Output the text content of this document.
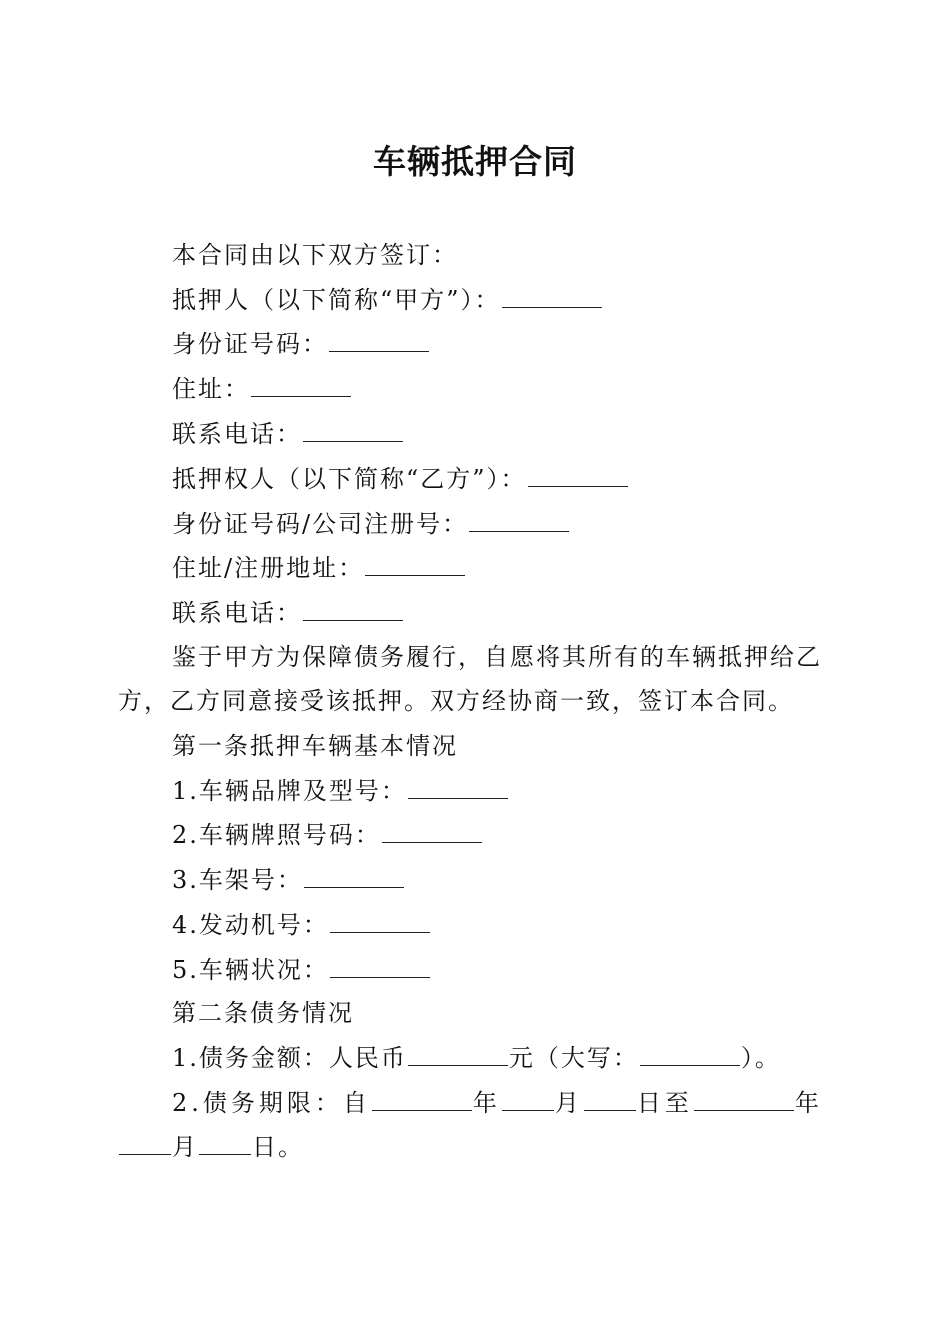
车辆抵押合同

本合同由以下双方签订：

抵押人（以下简称“甲方”）：

身份证号码：

住址：

联系电话：

抵押权人（以下简称“乙方”）：

身份证号码/公司注册号：

住址/注册地址：

联系电话：

鉴于甲方为保障债务履行，自愿将其所有的车辆抵押给乙

方，乙方同意接受该抵押。双方经协商一致，签订本合同。

第一条抵押车辆基本情况

1.车辆品牌及型号：

2.车辆牌照号码：

3.车架号：

4.发动机号：

5.车辆状况：

第二条债务情况

1.债务金额：人民币	元（大写：	）。

2.债务期限：自	年 月 日至	年

月 日。
